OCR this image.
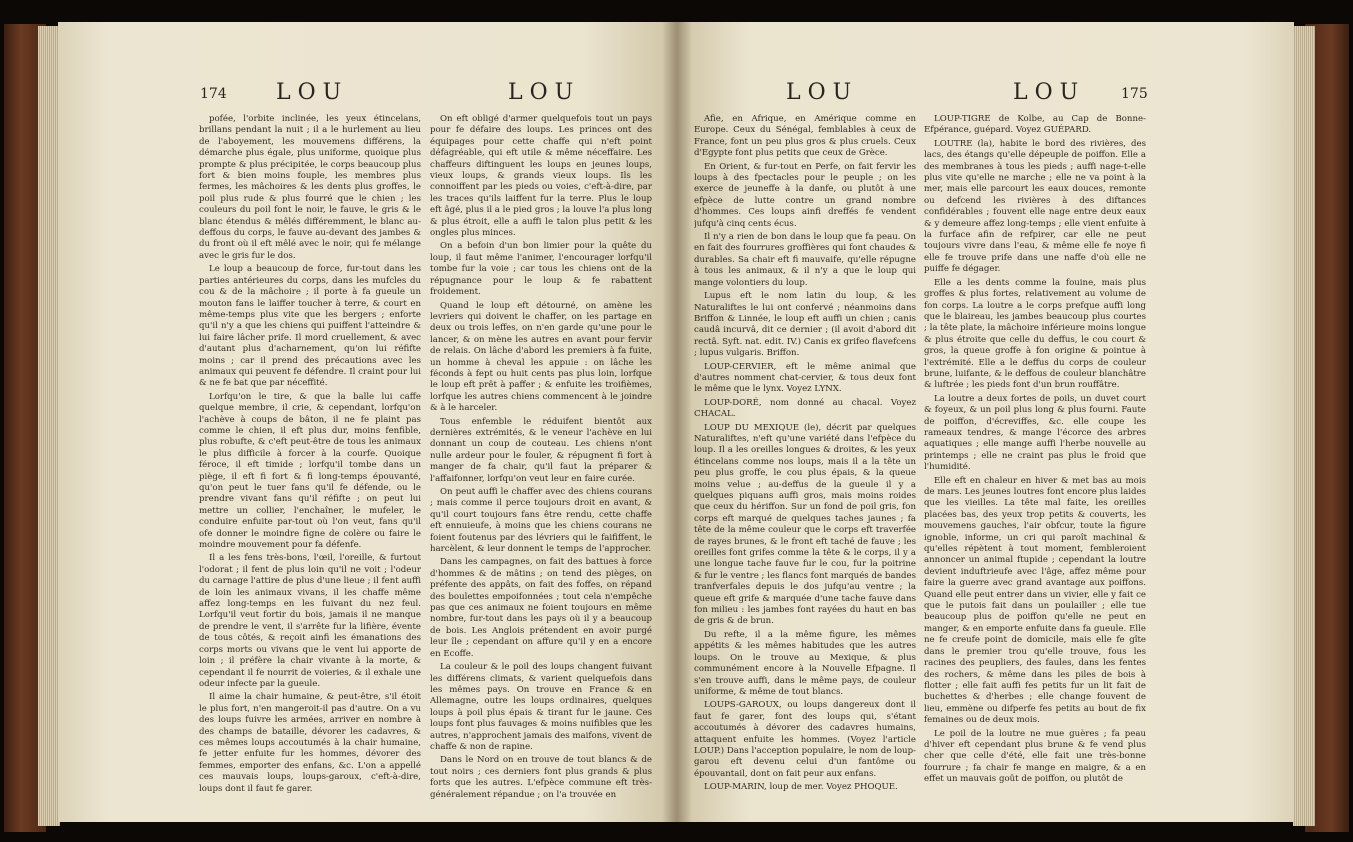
174 LOU	LOU

pofée, l'orbite inclinée, les yeux étincelans, brillans pendant la nuit ; il a le hurlement au lieu de l'aboyement, les mouvemens différens, la démarche plus égale, plus uniforme, quoique plus prompte & plus précipitée, le corps beaucoup plus fort & bien moins fouple, les membres plus fermes, les mâchoires & les dents plus groffes, le poil plus rude & plus fourré que le chien ; les couleurs du poil font le noir, le fauve, le gris & le blanc étendus & mêlés différemment, le blanc au-deffous du corps, le fauve au-devant des jambes & du front où il eft mêlé avec le noir, qui fe mélange avec le gris fur le dos.

Le loup a beaucoup de force, fur-tout dans les parties antérieures du corps, dans les mufcles du cou & de la mâchoire ; il porte à fa gueule un mouton fans le laiffer toucher à terre, & court en même-temps plus vite que les bergers ; enforte qu'il n'y a que les chiens qui puiffent l'atteindre & lui faire lâcher prife. Il mord cruellement, & avec d'autant plus d'acharnement, qu'on lui réfifte moins ; car il prend des précautions avec les animaux qui peuvent fe défendre. Il craint pour lui & ne fe bat que par néceffité.

Lorfqu'on le tire, & que la balle lui caffe quelque membre, il crie, & cependant, lorfqu'on l'achève à coups de bâton, il ne fe plaint pas comme le chien, il eft plus dur, moins fenfible, plus robufte, & c'eft peut-être de tous les animaux le plus difficile à forcer à la courfe. Quoique féroce, il eft timide ; lorfqu'il tombe dans un piège, il eft fi fort & fi long-temps épouvanté, qu'on peut le tuer fans qu'il fe défende, ou le prendre vivant fans qu'il réfifte ; on peut lui mettre un collier, l'enchaîner, le mufeler, le conduire enfuite par-tout où l'on veut, fans qu'il ofe donner le moindre figne de colère ou faire le moindre mouvement pour fa défenfe.

Il a les fens très-bons, l'œil, l'oreille, & furtout l'odorat ; il fent de plus loin qu'il ne voit ; l'odeur du carnage l'attire de plus d'une lieue ; il fent auffi de loin les animaux vivans, il les chaffe même affez long-temps en les fuivant du nez feul. Lorfqu'il veut fortir du bois, jamais il ne manque de prendre le vent, il s'arrête fur la lifière, évente de tous côtés, & reçoit ainfi les émanations des corps morts ou vivans que le vent lui apporte de loin ; il préfère la chair vivante à la morte, & cependant il fe nourrit de voieries, & il exhale une odeur infecte par la gueule.

Il aime la chair humaine, & peut-être, s'il étoit le plus fort, n'en mangeroit-il pas d'autre. On a vu des loups fuivre les armées, arriver en nombre à des champs de bataille, dévorer les cadavres, & ces mêmes loups accoutumés à la chair humaine, fe jetter enfuite fur les hommes, dévorer des femmes, emporter des enfans, &c. L'on a appellé ces mauvais loups, loups-garoux, c'eft-à-dire, loups dont il faut fe garer.

On eft obligé d'armer quelquefois tout un pays pour fe défaire des loups. Les princes ont des équipages pour cette chaffe qui n'eft point défagréable, qui eft utile & même néceffaire. Les chaffeurs diftinguent les loups en jeunes loups, vieux loups, & grands vieux loups. Ils les connoiffent par les pieds ou voies, c'eft-à-dire, par les traces qu'ils laiffent fur la terre. Plus le loup eft âgé, plus il a le pied gros ; la louve l'a plus long & plus étroit, elle a auffi le talon plus petit & les ongles plus minces.

On a befoin d'un bon limier pour la quête du loup, il faut même l'animer, l'encourager lorfqu'il tombe fur la voie ; car tous les chiens ont de la répugnance pour le loup & fe rabattent froidement.

Quand le loup eft détourné, on amène les levriers qui doivent le chaffer, on les partage en deux ou trois leffes, on n'en garde qu'une pour le lancer, & on mène les autres en avant pour fervir de relais. On lâche d'abord les premiers à fa fuite, un homme à cheval les appuie : on lâche les féconds à fept ou huit cents pas plus loin, lorfque le loup eft prêt à paffer ; & enfuite les troifièmes, lorfque les autres chiens commencent à le joindre & à le harceler.

Tous enfemble le réduifent bientôt aux dernières extrémités, & le veneur l'achève en lui donnant un coup de couteau. Les chiens n'ont nulle ardeur pour le fouler, & répugnent fi fort à manger de fa chair, qu'il faut la préparer & l'affaifonner, lorfqu'on veut leur en faire curée.

On peut auffi le chaffer avec des chiens courans ; mais comme il perce toujours droit en avant, & qu'il court toujours fans être rendu, cette chaffe eft ennuieufe, à moins que les chiens courans ne foient foutenus par des lévriers qui le faififfent, le harcèlent, & leur donnent le temps de l'approcher.

Dans les campagnes, on fait des battues à force d'hommes & de mâtins ; on tend des pièges, on préfente des appâts, on fait des foffes, on répand des boulettes empoifonnées ; tout cela n'empêche pas que ces animaux ne foient toujours en même nombre, fur-tout dans les pays où il y a beaucoup de bois. Les Anglois prétendent en avoir purgé leur île ; cependant on affure qu'il y en a encore en Ecoffe.

La couleur & le poil des loups changent fuivant les différens climats, & varient quelquefois dans les mêmes pays. On trouve en France & en Allemagne, outre les loups ordinaires, quelques loups à poil plus épais & tirant fur le jaune. Ces loups font plus fauvages & moins nuifibles que les autres, n'approchent jamais des maifons, vivent de chaffe & non de rapine.

Dans le Nord on en trouve de tout blancs & de tout noirs ; ces derniers font plus grands & plus forts que les autres. L'efpèce commune eft très-généralement répandue ; on l'a trouvée en

LOU	LOU	175

Afie, en Afrique, en Amérique comme en Europe. Ceux du Sénégal, femblables à ceux de France, font un peu plus gros & plus cruels. Ceux d'Egypte font plus petits que ceux de Grèce.

En Orient, & fur-tout en Perfe, on fait fervir les loups à des fpectacles pour le peuple ; on les exerce de jeuneffe à la danfe, ou plutôt à une efpèce de lutte contre un grand nombre d'hommes. Ces loups ainfi dreffés fe vendent jufqu'à cinq cents écus.

Il n'y a rien de bon dans le loup que fa peau. On en fait des fourrures groffières qui font chaudes & durables. Sa chair eft fi mauvaife, qu'elle répugne à tous les animaux, & il n'y a que le loup qui mange volontiers du loup.

Lupus eft le nom latin du loup, & les Naturaliftes le lui ont confervé ; néanmoins dans Briffon & Linnée, le loup eft auffi un chien ; canis caudâ incurvâ, dit ce dernier ; (il avoit d'abord dit rectâ. Syft. nat. edit. IV.) Canis ex grifeo flavefcens ; lupus vulgaris. Briffon.

LOUP-CERVIER, eft le même animal que d'autres nomment chat-cervier, & tous deux font le même que le lynx. Voyez LYNX.

LOUP-DORÉ, nom donné au chacal. Voyez CHACAL.

LOUP DU MEXIQUE (le), décrit par quelques Naturaliftes, n'eft qu'une variété dans l'efpèce du loup. Il a les oreilles longues & droites, & les yeux étincelans comme nos loups, mais il a la tête un peu plus groffe, le cou plus épais, & la queue moins velue ; au-deffus de la gueule il y a quelques piquans auffi gros, mais moins roides que ceux du hériffon. Sur un fond de poil gris, fon corps eft marqué de quelques taches jaunes ; fa tête de la même couleur que le corps eft traverfée de rayes brunes, & le front eft taché de fauve ; les oreilles font grifes comme la tête & le corps, il y a une longue tache fauve fur le cou, fur la poitrine & fur le ventre ; les flancs font marqués de bandes tranfverfales depuis le dos jufqu'au ventre ; la queue eft grife & marquée d'une tache fauve dans fon milieu : les jambes font rayées du haut en bas de gris & de brun.

Du refte, il a la même figure, les mêmes appétits & les mêmes habitudes que les autres loups. On le trouve au Mexique, & plus communément encore à la Nouvelle Efpagne. Il s'en trouve auffi, dans le même pays, de couleur uniforme, & même de tout blancs.

LOUPS-GAROUX, ou loups dangereux dont il faut fe garer, font des loups qui, s'étant accoutumés à dévorer des cadavres humains, attaquent enfuite les hommes. (Voyez l'article LOUP.) Dans l'acception populaire, le nom de loup-garou eft devenu celui d'un fantôme ou épouvantail, dont on fait peur aux enfans.

LOUP-MARIN, loup de mer. Voyez PHOQUE.

LOUP-TIGRE de Kolbe, au Cap de Bonne-Efpérance, guépard. Voyez GUÉPARD.

LOUTRE (la), habite le bord des rivières, des lacs, des étangs qu'elle dépeuple de poiffon. Elle a des membranes à tous les pieds ; auffi nage-t-elle plus vite qu'elle ne marche ; elle ne va point à la mer, mais elle parcourt les eaux douces, remonte ou defcend les rivières à des diftances confidérables ; fouvent elle nage entre deux eaux & y demeure affez long-temps ; elle vient enfuite à la furface afin de refpirer, car elle ne peut toujours vivre dans l'eau, & même elle fe noye fi elle fe trouve prife dans une naffe d'où elle ne puiffe fe dégager.

Elle a les dents comme la fouine, mais plus groffes & plus fortes, relativement au volume de fon corps. La loutre a le corps prefque auffi long que le blaireau, les jambes beaucoup plus courtes ; la tête plate, la mâchoire inférieure moins longue & plus étroite que celle du deffus, le cou court & gros, la queue groffe à fon origine & pointue à l'extrémité. Elle a le deffus du corps de couleur brune, luifante, & le deffous de couleur blanchâtre & luftrée ; les pieds font d'un brun rouffâtre.

La loutre a deux fortes de poils, un duvet court & foyeux, & un poil plus long & plus fourni. Faute de poiffon, d'écreviffes, &c. elle coupe les rameaux tendres, & mange l'écorce des arbres aquatiques ; elle mange auffi l'herbe nouvelle au printemps ; elle ne craint pas plus le froid que l'humidité.

Elle eft en chaleur en hiver & met bas au mois de mars. Les jeunes loutres font encore plus laides que les vieilles. La tête mal faite, les oreilles placées bas, des yeux trop petits & couverts, les mouvemens gauches, l'air obfcur, toute la figure ignoble, informe, un cri qui paroît machinal & qu'elles répètent à tout moment, fembleroient annoncer un animal ftupide ; cependant la loutre devient induftrieufe avec l'âge, affez même pour faire la guerre avec grand avantage aux poiffons. Quand elle peut entrer dans un vivier, elle y fait ce que le putois fait dans un poulailler ; elle tue beaucoup plus de poiffon qu'elle ne peut en manger, & en emporte enfuite dans fa gueule. Elle ne fe creufe point de domicile, mais elle fe gîte dans le premier trou qu'elle trouve, fous les racines des peupliers, des faules, dans les fentes des rochers, & même dans les piles de bois à flotter ; elle fait auffi fes petits fur un lit fait de buchettes & d'herbes ; elle change fouvent de lieu, emmène ou difperfe fes petits au bout de fix femaines ou de deux mois.

Le poil de la loutre ne mue guères ; fa peau d'hiver eft cependant plus brune & fe vend plus cher que celle d'été, elle fait une très-bonne fourrure ; fa chair fe mange en maigre, & a en effet un mauvais goût de poiffon, ou plutôt de
